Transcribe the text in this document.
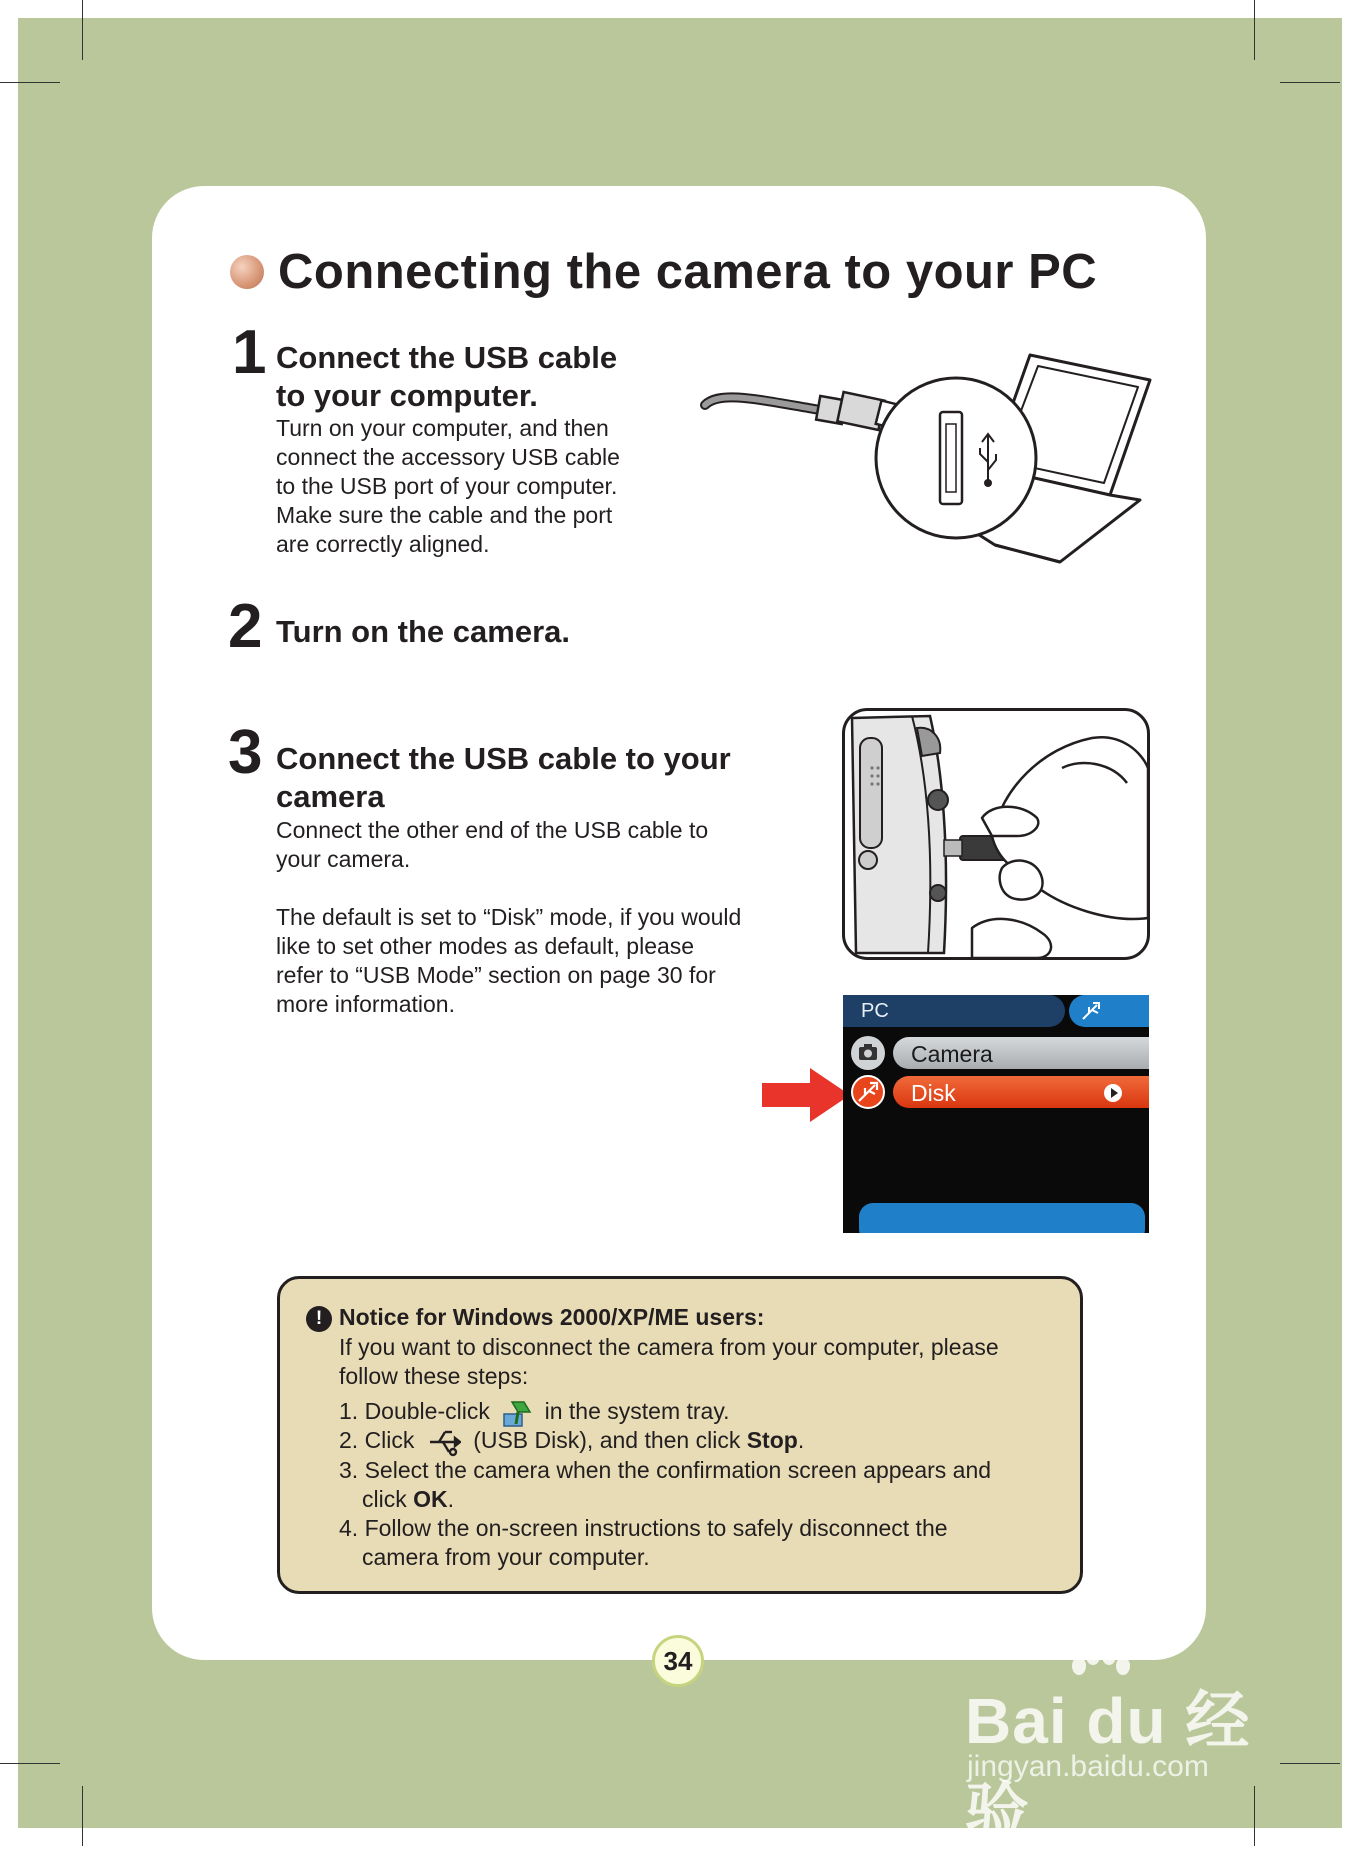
Connecting the camera to your PC
1 Connect the USB cable
to your computer.
Turn on your computer, and then
connect the accessory USB cable
to the USB port of your computer.
Make sure the cable and the port
are correctly aligned.
2 Turn on the camera.
3 Connect the USB cable to your
camera
Connect the other end of the USB cable to
your camera.
The default is set to “Disk” mode, if you would
like to set other modes as default, please
refer to “USB Mode” section on page 30 for
more information.	PC
Camera
Disk
! Notice for Windows 2000/XP/ME users:
If you want to disconnect the camera from your computer, please
follow these steps:
1. Double-click in the system tray.
2. Click	(USB Disk), and then click Stop.
3. Select the camera when the confirmation screen appears and
click OK.
4. Follow the on-screen instructions to safely disconnect the
camera from your computer.
34
Bai du 经验
jingyan.baidu.com
